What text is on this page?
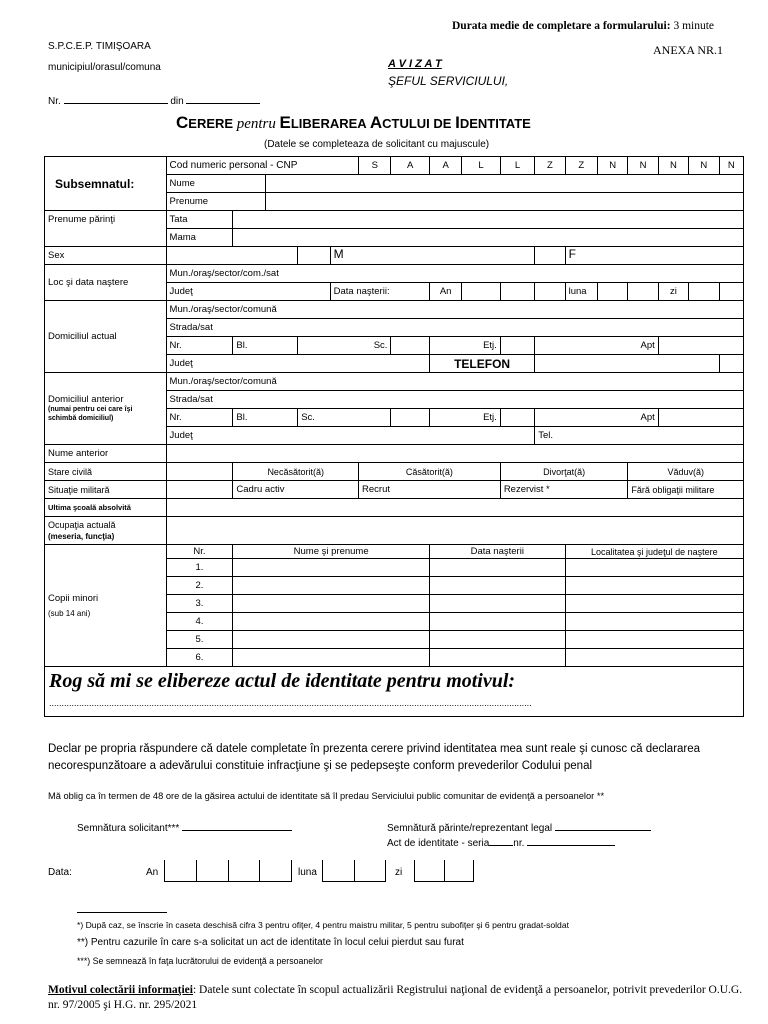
Durata medie de completare a formularului: 3 minute
ANEXA NR.1
S.P.C.E.P. TIMIŞOARA
municipiul/orasul/comuna	A V I Z A T
ŞEFUL SERVICIULUI,
Nr.	din
CERERE pentru ELIBERAREA ACTULUI DE IDENTITATE
(Datele se completeaza de solicitant cu majuscule)
Subsemnatul:	Cod numeric personal - CNP					S	A	A	L	L	Z	Z	N	N	N	N	N
	Nume																
	Prenume																
Prenume părinţi	Tata																
	Mama																
Sex					M							F					
Loc şi data naştere	Mun./oraş/sector/com./sat																
	Judeţ				Data naşterii:			An				luna			zi		
Domiciliul actual	Mun./oraş/sector/comună																
	Strada/sat																
	Nr.	Bl.		Sc.				Etj.			Apt						
	Judeţ							TELEFON									

Domiciliul anterior
(numai pentru cei care îşi schimbă domiciliul)	Mun./oraş/sector/comună																
	Strada/sat																
	Nr.	Bl.		Sc.				Etj.			Apt						
	Judeţ										Tel.						
Nume anterior																	
Stare civilă		Necăsătorit(ă)				Căsătorit(ă)				Divorţat(ă)				Văduv(ă)			
Situaţie militară		Cadru activ				Recrut				Rezervist *				Fără obligaţii militare			
Ultima şcoală absolvită																	

Ocupaţia actuală
(meseria, funcţia)																	

Copii minori
(sub 14 ani)	Nr.	Nume şi prenume						Data naşterii				Localitatea şi judeţul de naştere					
	1.																
	2.																
	3.																
	4.																
	5.																
	6.																

Rog să mi se elibereze actul de identitate pentru motivul:
.................................................................................................................................................................................................																	
Declar pe propria răspundere că datele completate în prezenta cerere privind identitatea mea sunt reale şi cunosc că declararea necorespunzătoare a adevărului constituie infracţiune şi se pedepseşte conform prevederilor Codului penal
Mă oblig ca în termen de 48 ore de la găsirea actului de identitate să îl predau Serviciului public comunitar de evidenţă a persoanelor **
Semnătura solicitant***	Semnătură părinte/reprezentant legal
Act de identitate - seria nr.
Data:	An	luna	zi
*) După caz, se înscrie în caseta deschisă cifra 3 pentru ofiţer, 4 pentru maistru militar, 5 pentru subofiţer şi 6 pentru gradat-soldat
**) Pentru cazurile în care s-a solicitat un act de identitate în locul celui pierdut sau furat
***) Se semnează în faţa lucrătorului de evidenţă a persoanelor
Motivul colectării informaţiei: Datele sunt colectate în scopul actualizării Registrului naţional de evidenţă a persoanelor, potrivit prevederilor O.U.G. nr. 97/2005 şi H.G. nr. 295/2021
